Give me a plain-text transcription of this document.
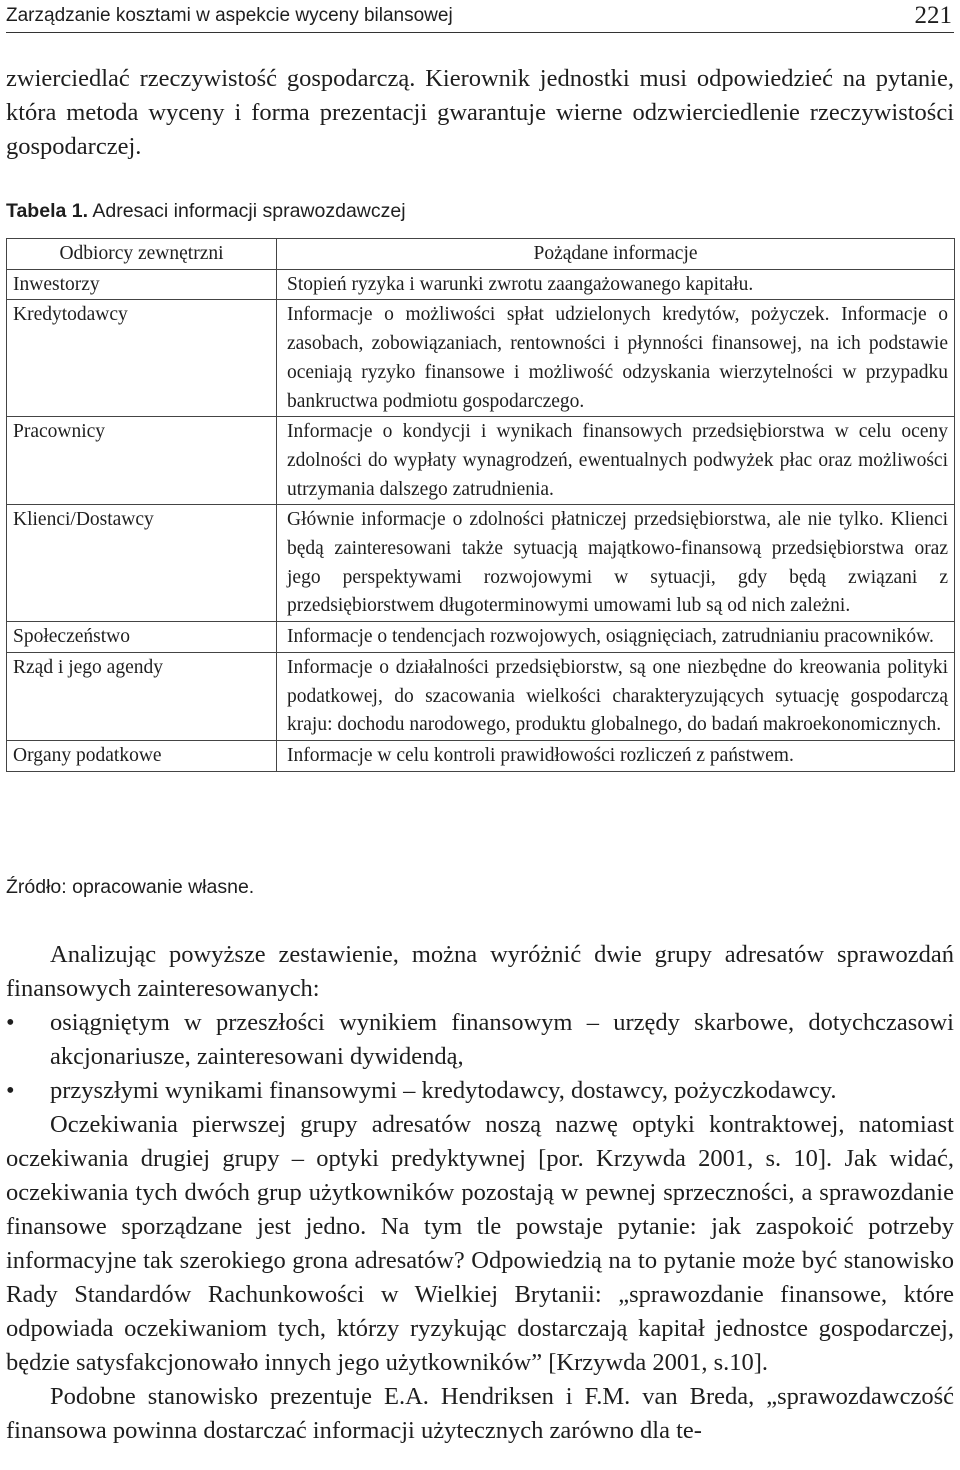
Zarządzanie kosztami w aspekcie wyceny bilansowej	221

zwierciedlać rzeczywistość gospodarczą. Kierownik jednostki musi odpowiedzieć na pytanie, która metoda wyceny i forma prezentacji gwarantuje wierne odzwierciedlenie rzeczywistości gospodarczej.

Tabela 1. Adresaci informacji sprawozdawczej
Odbiorcy zewnętrzni	Pożądane informacje
Inwestorzy	Stopień ryzyka i warunki zwrotu zaangażowanego kapitału.
Kredytodawcy	Informacje o możliwości spłat udzielonych kredytów, pożyczek. Informacje o zasobach, zobowiązaniach, rentowności i płynności finansowej, na ich podstawie oceniają ryzyko finansowe i możliwość odzyskania wierzytelności w przypadku bankructwa podmiotu gospodarczego.
Pracownicy	Informacje o kondycji i wynikach finansowych przedsiębiorstwa w celu oceny zdolności do wypłaty wynagrodzeń, ewentualnych podwyżek płac oraz możliwości utrzymania dalszego zatrudnienia.
Klienci/Dostawcy	Głównie informacje o zdolności płatniczej przedsiębiorstwa, ale nie tylko. Klienci będą zainteresowani także sytuacją majątkowo-finansową przedsiębiorstwa oraz jego perspektywami rozwojowymi w sytuacji, gdy będą związani z przedsiębiorstwem długoterminowymi umowami lub są od nich zależni.
Społeczeństwo	Informacje o tendencjach rozwojowych, osiągnięciach, zatrudnianiu pracowników.
Rząd i jego agendy	Informacje o działalności przedsiębiorstw, są one niezbędne do kreowania polityki podatkowej, do szacowania wielkości charakteryzujących sytuację gospodarczą kraju: dochodu narodowego, produktu globalnego, do badań makroekonomicznych.
Organy podatkowe	Informacje w celu kontroli prawidłowości rozliczeń z państwem.
Źródło: opracowanie własne.

Analizując powyższe zestawienie, można wyróżnić dwie grupy adresatów sprawozdań finansowych zainteresowanych:

• osiągniętym w przeszłości wynikiem finansowym – urzędy skarbowe, dotychczasowi akcjonariusze, zainteresowani dywidendą,
• przyszłymi wynikami finansowymi – kredytodawcy, dostawcy, pożyczkodawcy.

Oczekiwania pierwszej grupy adresatów noszą nazwę optyki kontraktowej, natomiast oczekiwania drugiej grupy – optyki predyktywnej [por. Krzywda 2001, s. 10]. Jak widać, oczekiwania tych dwóch grup użytkowników pozostają w pewnej sprzeczności, a sprawozdanie finansowe sporządzane jest jedno. Na tym tle powstaje pytanie: jak zaspokoić potrzeby informacyjne tak szerokiego grona adresatów? Odpowiedzią na to pytanie może być stanowisko Rady Standardów Rachunkowości w Wielkiej Brytanii: „sprawozdanie finansowe, które odpowiada oczekiwaniom tych, którzy ryzykując dostarczają kapitał jednostce gospodarczej, będzie satysfakcjonowało innych jego użytkowników” [Krzywda 2001, s.10].

Podobne stanowisko prezentuje E.A. Hendriksen i F.M. van Breda, „sprawozdawczość finansowa powinna dostarczać informacji użytecznych zarówno dla te-
